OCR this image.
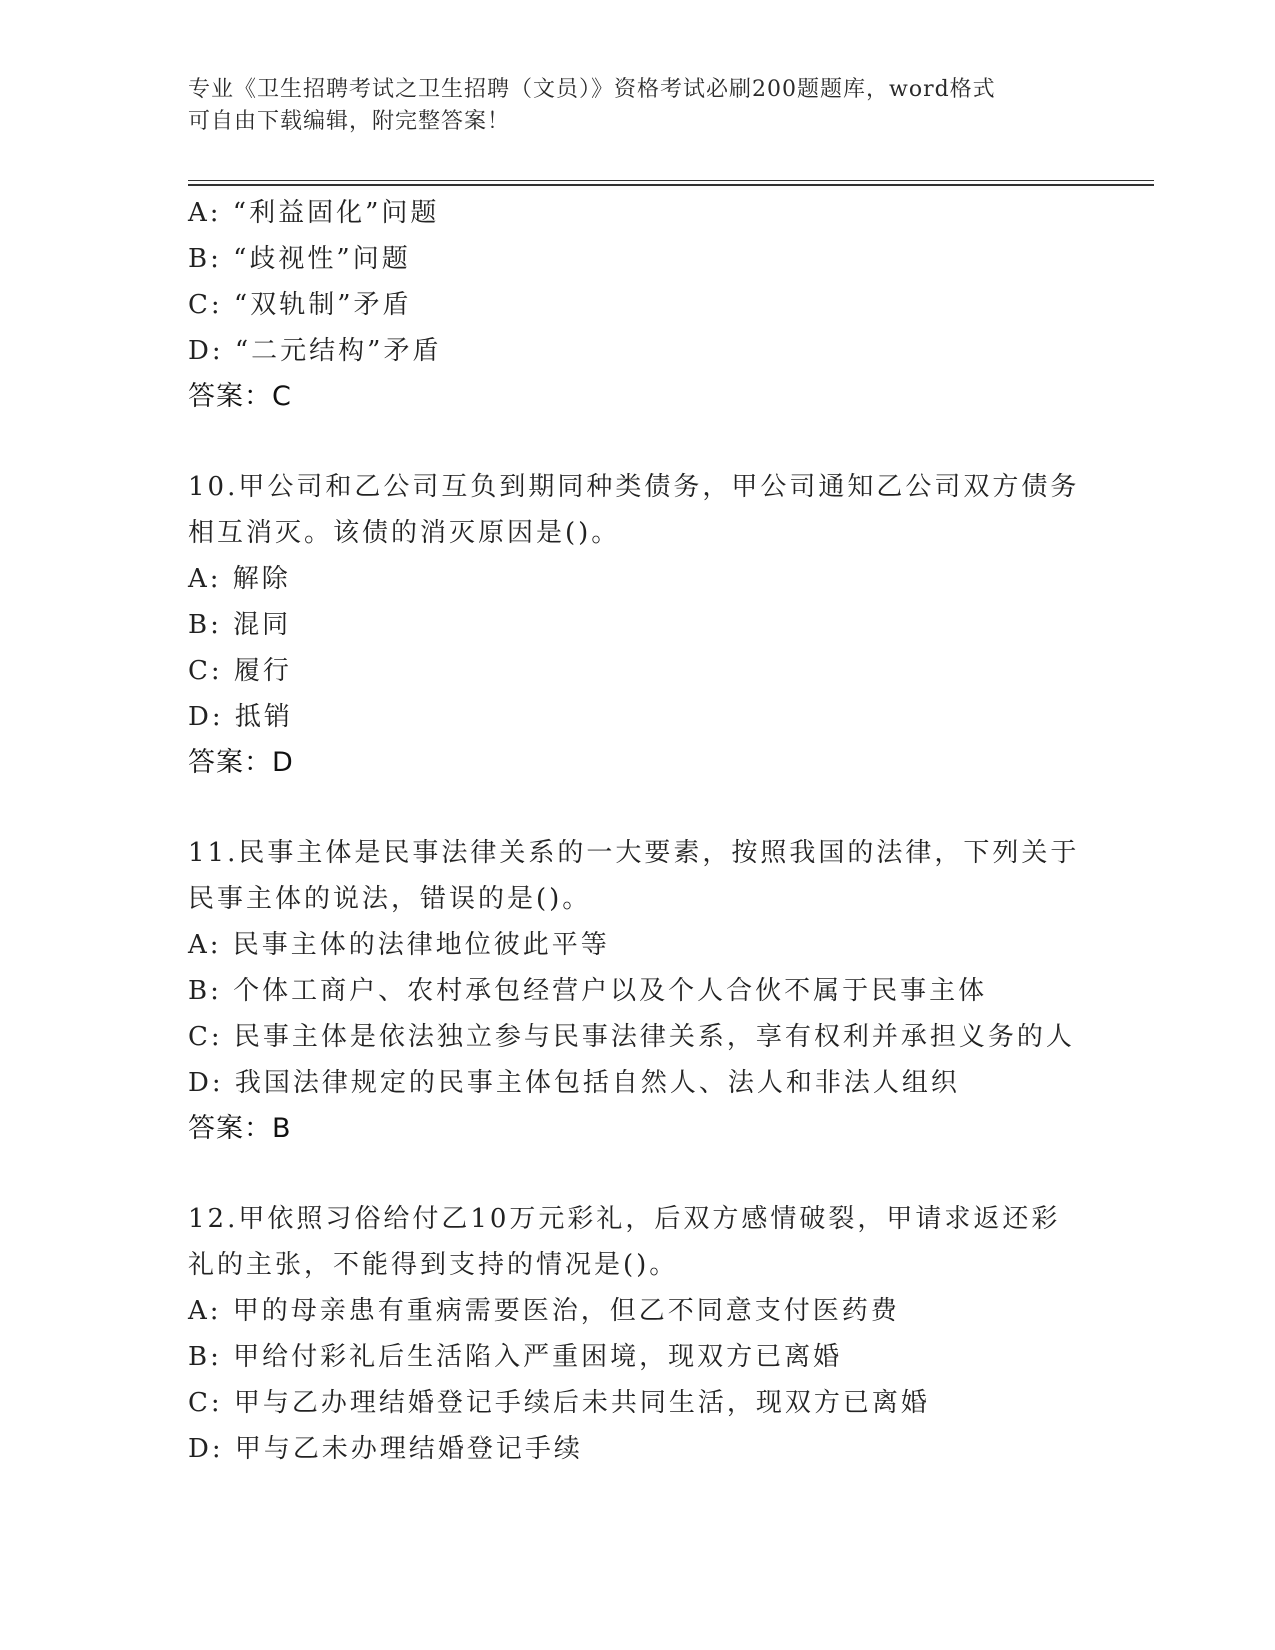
专业《卫生招聘考试之卫生招聘（文员）》资格考试必刷200题题库，word格式
可自由下载编辑，附完整答案！
A: “利益固化”问题
B: “歧视性”问题
C: “双轨制”矛盾
D: “二元结构”矛盾
答案：C
10.甲公司和乙公司互负到期同种类债务，甲公司通知乙公司双方债务
相互消灭。该债的消灭原因是()。
A: 解除
B: 混同
C: 履行
D: 抵销
答案：D
11.民事主体是民事法律关系的一大要素，按照我国的法律，下列关于
民事主体的说法，错误的是()。
A: 民事主体的法律地位彼此平等
B: 个体工商户、农村承包经营户以及个人合伙不属于民事主体
C: 民事主体是依法独立参与民事法律关系，享有权利并承担义务的人
D: 我国法律规定的民事主体包括自然人、法人和非法人组织
答案：B
12.甲依照习俗给付乙10万元彩礼，后双方感情破裂，甲请求返还彩
礼的主张，不能得到支持的情况是()。
A: 甲的母亲患有重病需要医治，但乙不同意支付医药费
B: 甲给付彩礼后生活陷入严重困境，现双方已离婚
C: 甲与乙办理结婚登记手续后未共同生活，现双方已离婚
D: 甲与乙未办理结婚登记手续
